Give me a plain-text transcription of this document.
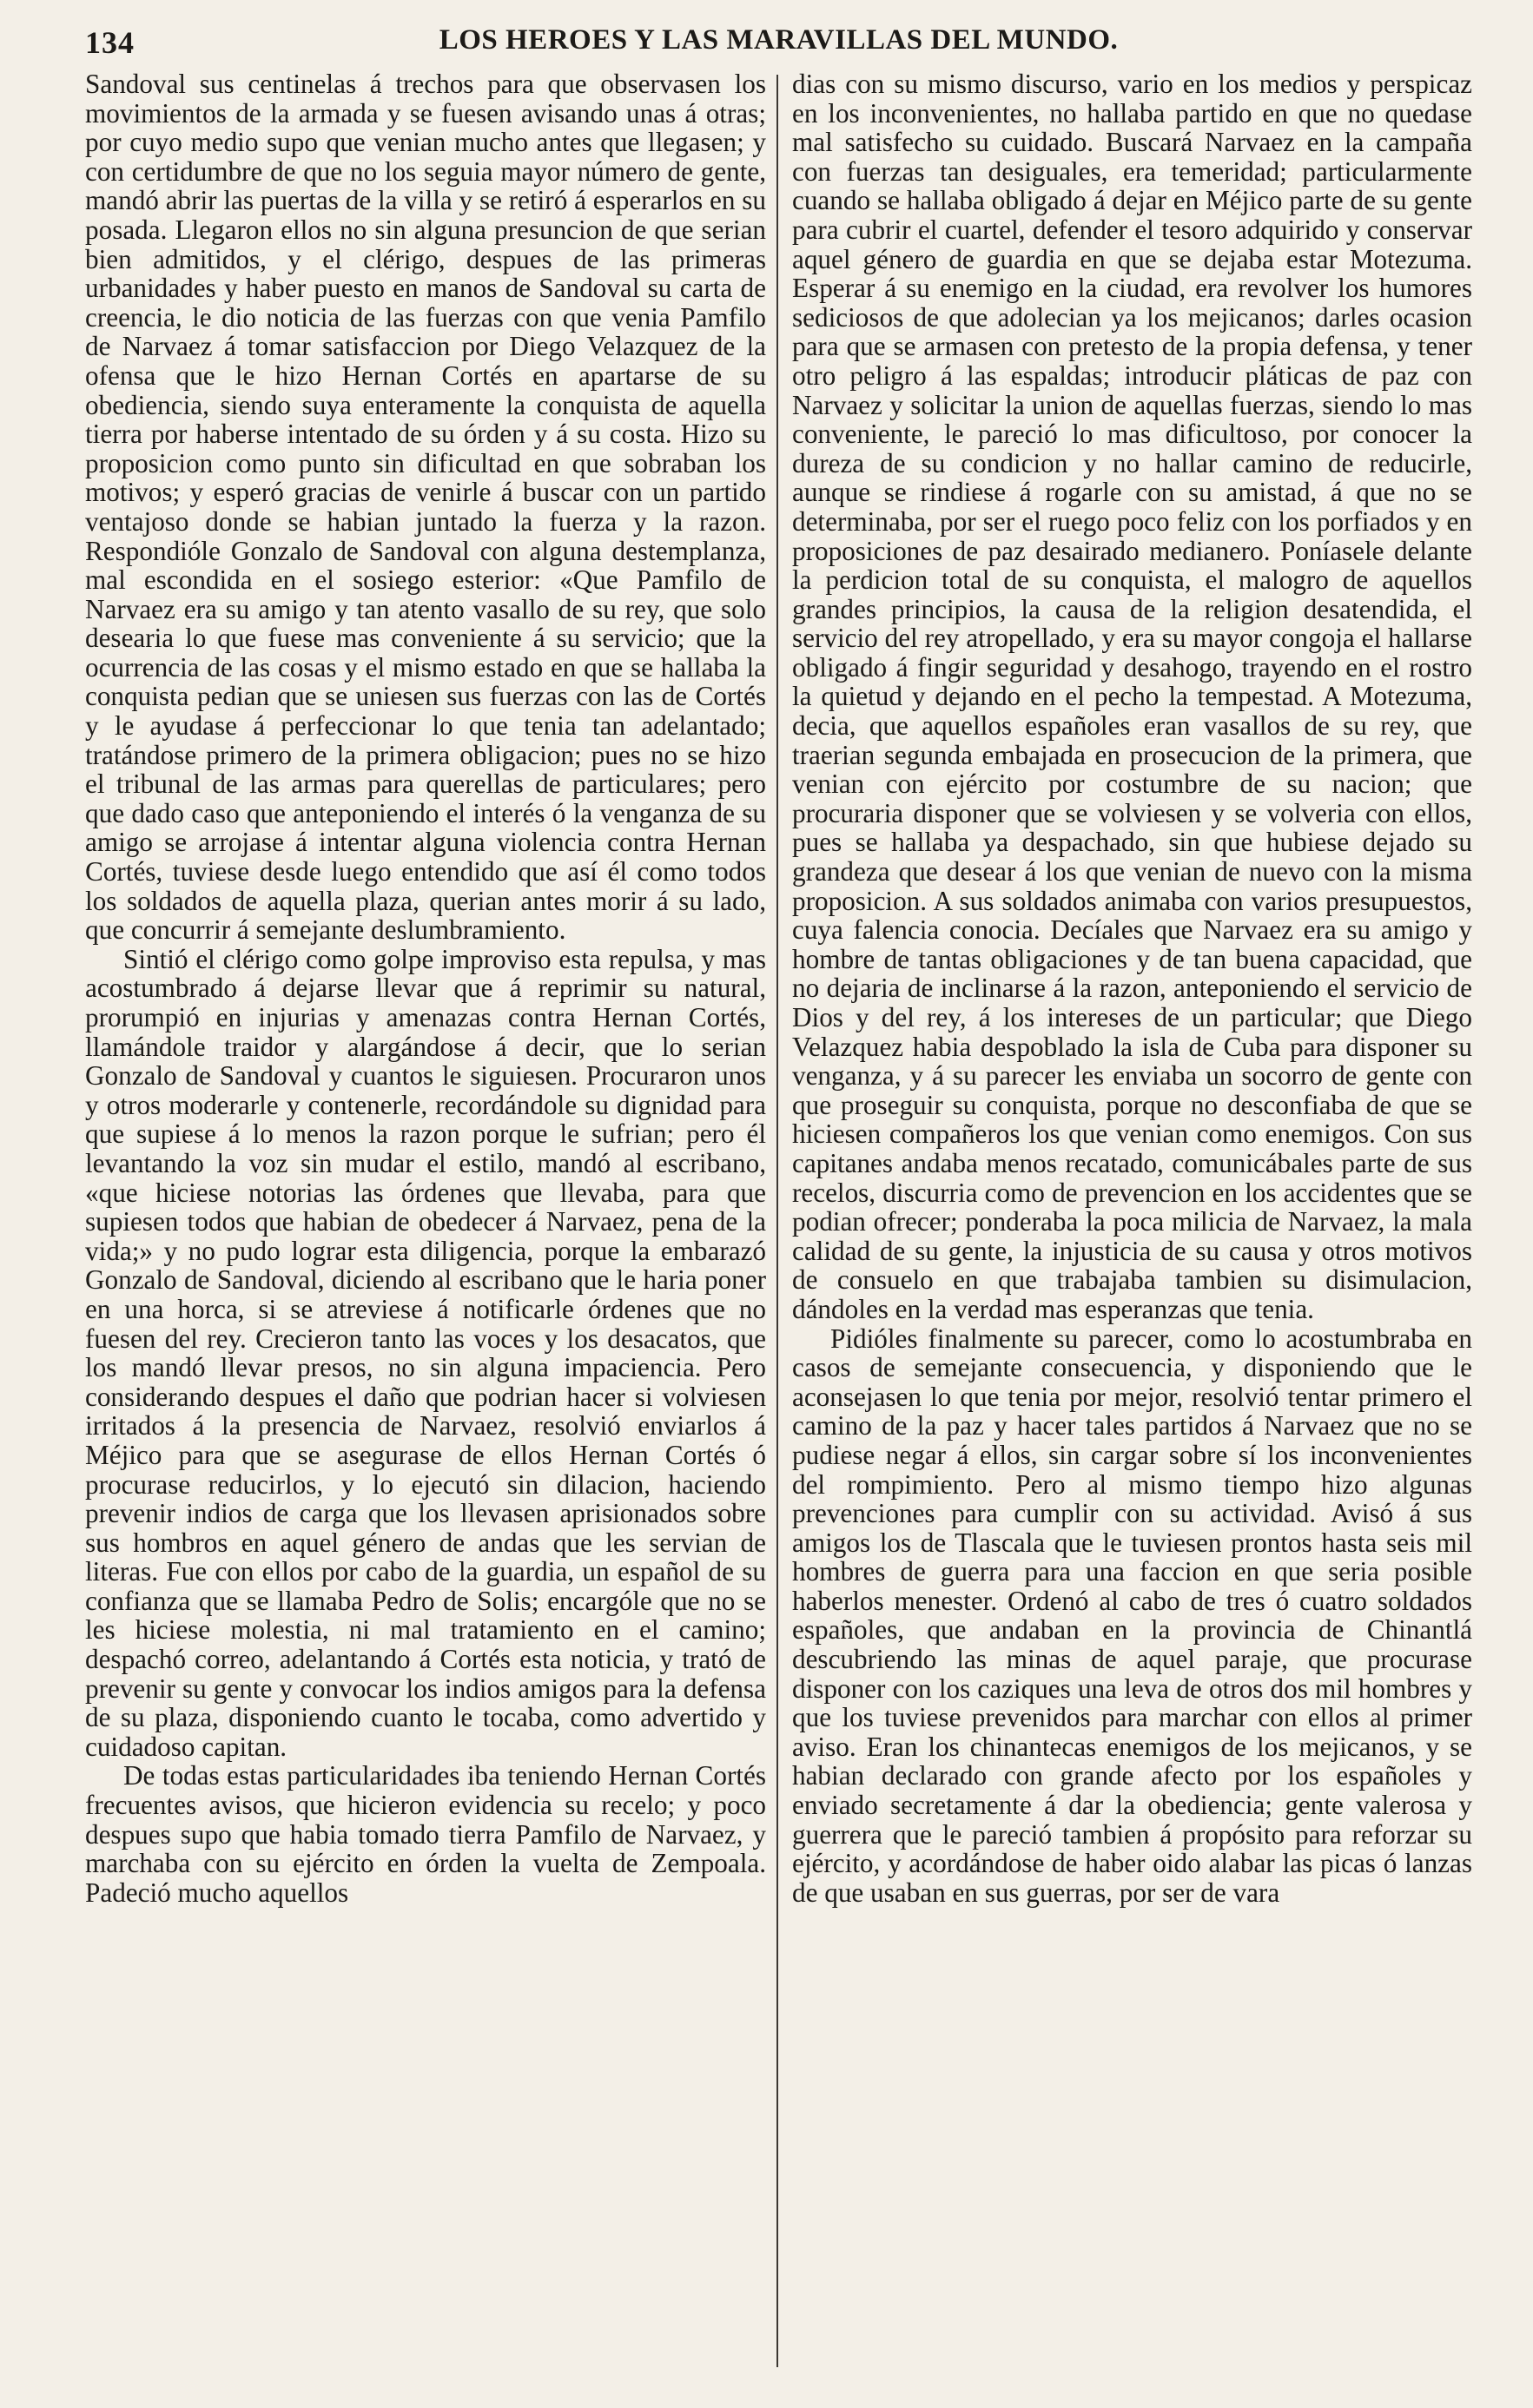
134	LOS HEROES Y LAS MARAVILLAS DEL MUNDO.

Sandoval sus centinelas á trechos para que observasen los movimientos de la armada y se fuesen avisando unas á otras; por cuyo medio supo que venian mucho antes que llegasen; y con certidumbre de que no los seguia mayor número de gente, mandó abrir las puertas de la villa y se retiró á esperarlos en su posada. Llegaron ellos no sin alguna presuncion de que serian bien admitidos, y el clérigo, despues de las primeras urbanidades y haber puesto en manos de Sandoval su carta de creencia, le dio noticia de las fuerzas con que venia Pamfilo de Narvaez á tomar satisfaccion por Diego Velazquez de la ofensa que le hizo Hernan Cortés en apartarse de su obediencia, siendo suya enteramente la conquista de aquella tierra por haberse intentado de su órden y á su costa. Hizo su proposicion como punto sin dificultad en que sobraban los motivos; y esperó gracias de venirle á buscar con un partido ventajoso donde se habian juntado la fuerza y la razon. Respondióle Gonzalo de Sandoval con alguna destemplanza, mal escondida en el sosiego esterior: «Que Pamfilo de Narvaez era su amigo y tan atento vasallo de su rey, que solo desearia lo que fuese mas conveniente á su servicio; que la ocurrencia de las cosas y el mismo estado en que se hallaba la conquista pedian que se uniesen sus fuerzas con las de Cortés y le ayudase á perfeccionar lo que tenia tan adelantado; tratándose primero de la primera obligacion; pues no se hizo el tribunal de las armas para querellas de particulares; pero que dado caso que anteponiendo el interés ó la venganza de su amigo se arrojase á intentar alguna violencia contra Hernan Cortés, tuviese desde luego entendido que así él como todos los soldados de aquella plaza, querian antes morir á su lado, que concurrir á semejante deslumbramiento.

Sintió el clérigo como golpe improviso esta repulsa, y mas acostumbrado á dejarse llevar que á reprimir su natural, prorumpió en injurias y amenazas contra Hernan Cortés, llamándole traidor y alargándose á decir, que lo serian Gonzalo de Sandoval y cuantos le siguiesen. Procuraron unos y otros moderarle y contenerle, recordándole su dignidad para que supiese á lo menos la razon porque le sufrian; pero él levantando la voz sin mudar el estilo, mandó al escribano, «que hiciese notorias las órdenes que llevaba, para que supiesen todos que habian de obedecer á Narvaez, pena de la vida;» y no pudo lograr esta diligencia, porque la embarazó Gonzalo de Sandoval, diciendo al escribano que le haria poner en una horca, si se atreviese á notificarle órdenes que no fuesen del rey. Crecieron tanto las voces y los desacatos, que los mandó llevar presos, no sin alguna impaciencia. Pero considerando despues el daño que podrian hacer si volviesen irritados á la presencia de Narvaez, resolvió enviarlos á Méjico para que se asegurase de ellos Hernan Cortés ó procurase reducirlos, y lo ejecutó sin dilacion, haciendo prevenir indios de carga que los llevasen aprisionados sobre sus hombros en aquel género de andas que les servian de literas. Fue con ellos por cabo de la guardia, un español de su confianza que se llamaba Pedro de Solis; encargóle que no se les hiciese molestia, ni mal tratamiento en el camino; despachó correo, adelantando á Cortés esta noticia, y trató de prevenir su gente y convocar los indios amigos para la defensa de su plaza, disponiendo cuanto le tocaba, como advertido y cuidadoso capitan.

De todas estas particularidades iba teniendo Hernan Cortés frecuentes avisos, que hicieron evidencia su recelo; y poco despues supo que habia tomado tierra Pamfilo de Narvaez, y marchaba con su ejército en órden la vuelta de Zempoala. Padeció mucho aquellos

dias con su mismo discurso, vario en los medios y perspicaz en los inconvenientes, no hallaba partido en que no quedase mal satisfecho su cuidado. Buscará Narvaez en la campaña con fuerzas tan desiguales, era temeridad; particularmente cuando se hallaba obligado á dejar en Méjico parte de su gente para cubrir el cuartel, defender el tesoro adquirido y conservar aquel género de guardia en que se dejaba estar Motezuma. Esperar á su enemigo en la ciudad, era revolver los humores sediciosos de que adolecian ya los mejicanos; darles ocasion para que se armasen con pretesto de la propia defensa, y tener otro peligro á las espaldas; introducir pláticas de paz con Narvaez y solicitar la union de aquellas fuerzas, siendo lo mas conveniente, le pareció lo mas dificultoso, por conocer la dureza de su condicion y no hallar camino de reducirle, aunque se rindiese á rogarle con su amistad, á que no se determinaba, por ser el ruego poco feliz con los porfiados y en proposiciones de paz desairado medianero. Poníasele delante la perdicion total de su conquista, el malogro de aquellos grandes principios, la causa de la religion desatendida, el servicio del rey atropellado, y era su mayor congoja el hallarse obligado á fingir seguridad y desahogo, trayendo en el rostro la quietud y dejando en el pecho la tempestad. A Motezuma, decia, que aquellos españoles eran vasallos de su rey, que traerian segunda embajada en prosecucion de la primera, que venian con ejército por costumbre de su nacion; que procuraria disponer que se volviesen y se volveria con ellos, pues se hallaba ya despachado, sin que hubiese dejado su grandeza que desear á los que venian de nuevo con la misma proposicion. A sus soldados animaba con varios presupuestos, cuya falencia conocia. Decíales que Narvaez era su amigo y hombre de tantas obligaciones y de tan buena capacidad, que no dejaria de inclinarse á la razon, anteponiendo el servicio de Dios y del rey, á los intereses de un particular; que Diego Velazquez habia despoblado la isla de Cuba para disponer su venganza, y á su parecer les enviaba un socorro de gente con que proseguir su conquista, porque no desconfiaba de que se hiciesen compañeros los que venian como enemigos. Con sus capitanes andaba menos recatado, comunicábales parte de sus recelos, discurria como de prevencion en los accidentes que se podian ofrecer; ponderaba la poca milicia de Narvaez, la mala calidad de su gente, la injusticia de su causa y otros motivos de consuelo en que trabajaba tambien su disimulacion, dándoles en la verdad mas esperanzas que tenia.

Pidióles finalmente su parecer, como lo acostumbraba en casos de semejante consecuencia, y disponiendo que le aconsejasen lo que tenia por mejor, resolvió tentar primero el camino de la paz y hacer tales partidos á Narvaez que no se pudiese negar á ellos, sin cargar sobre sí los inconvenientes del rompimiento. Pero al mismo tiempo hizo algunas prevenciones para cumplir con su actividad. Avisó á sus amigos los de Tlascala que le tuviesen prontos hasta seis mil hombres de guerra para una faccion en que seria posible haberlos menester. Ordenó al cabo de tres ó cuatro soldados españoles, que andaban en la provincia de Chinantlá descubriendo las minas de aquel paraje, que procurase disponer con los caziques una leva de otros dos mil hombres y que los tuviese prevenidos para marchar con ellos al primer aviso. Eran los chinantecas enemigos de los mejicanos, y se habian declarado con grande afecto por los españoles y enviado secretamente á dar la obediencia; gente valerosa y guerrera que le pareció tambien á propósito para reforzar su ejército, y acordándose de haber oido alabar las picas ó lanzas de que usaban en sus guerras, por ser de vara
